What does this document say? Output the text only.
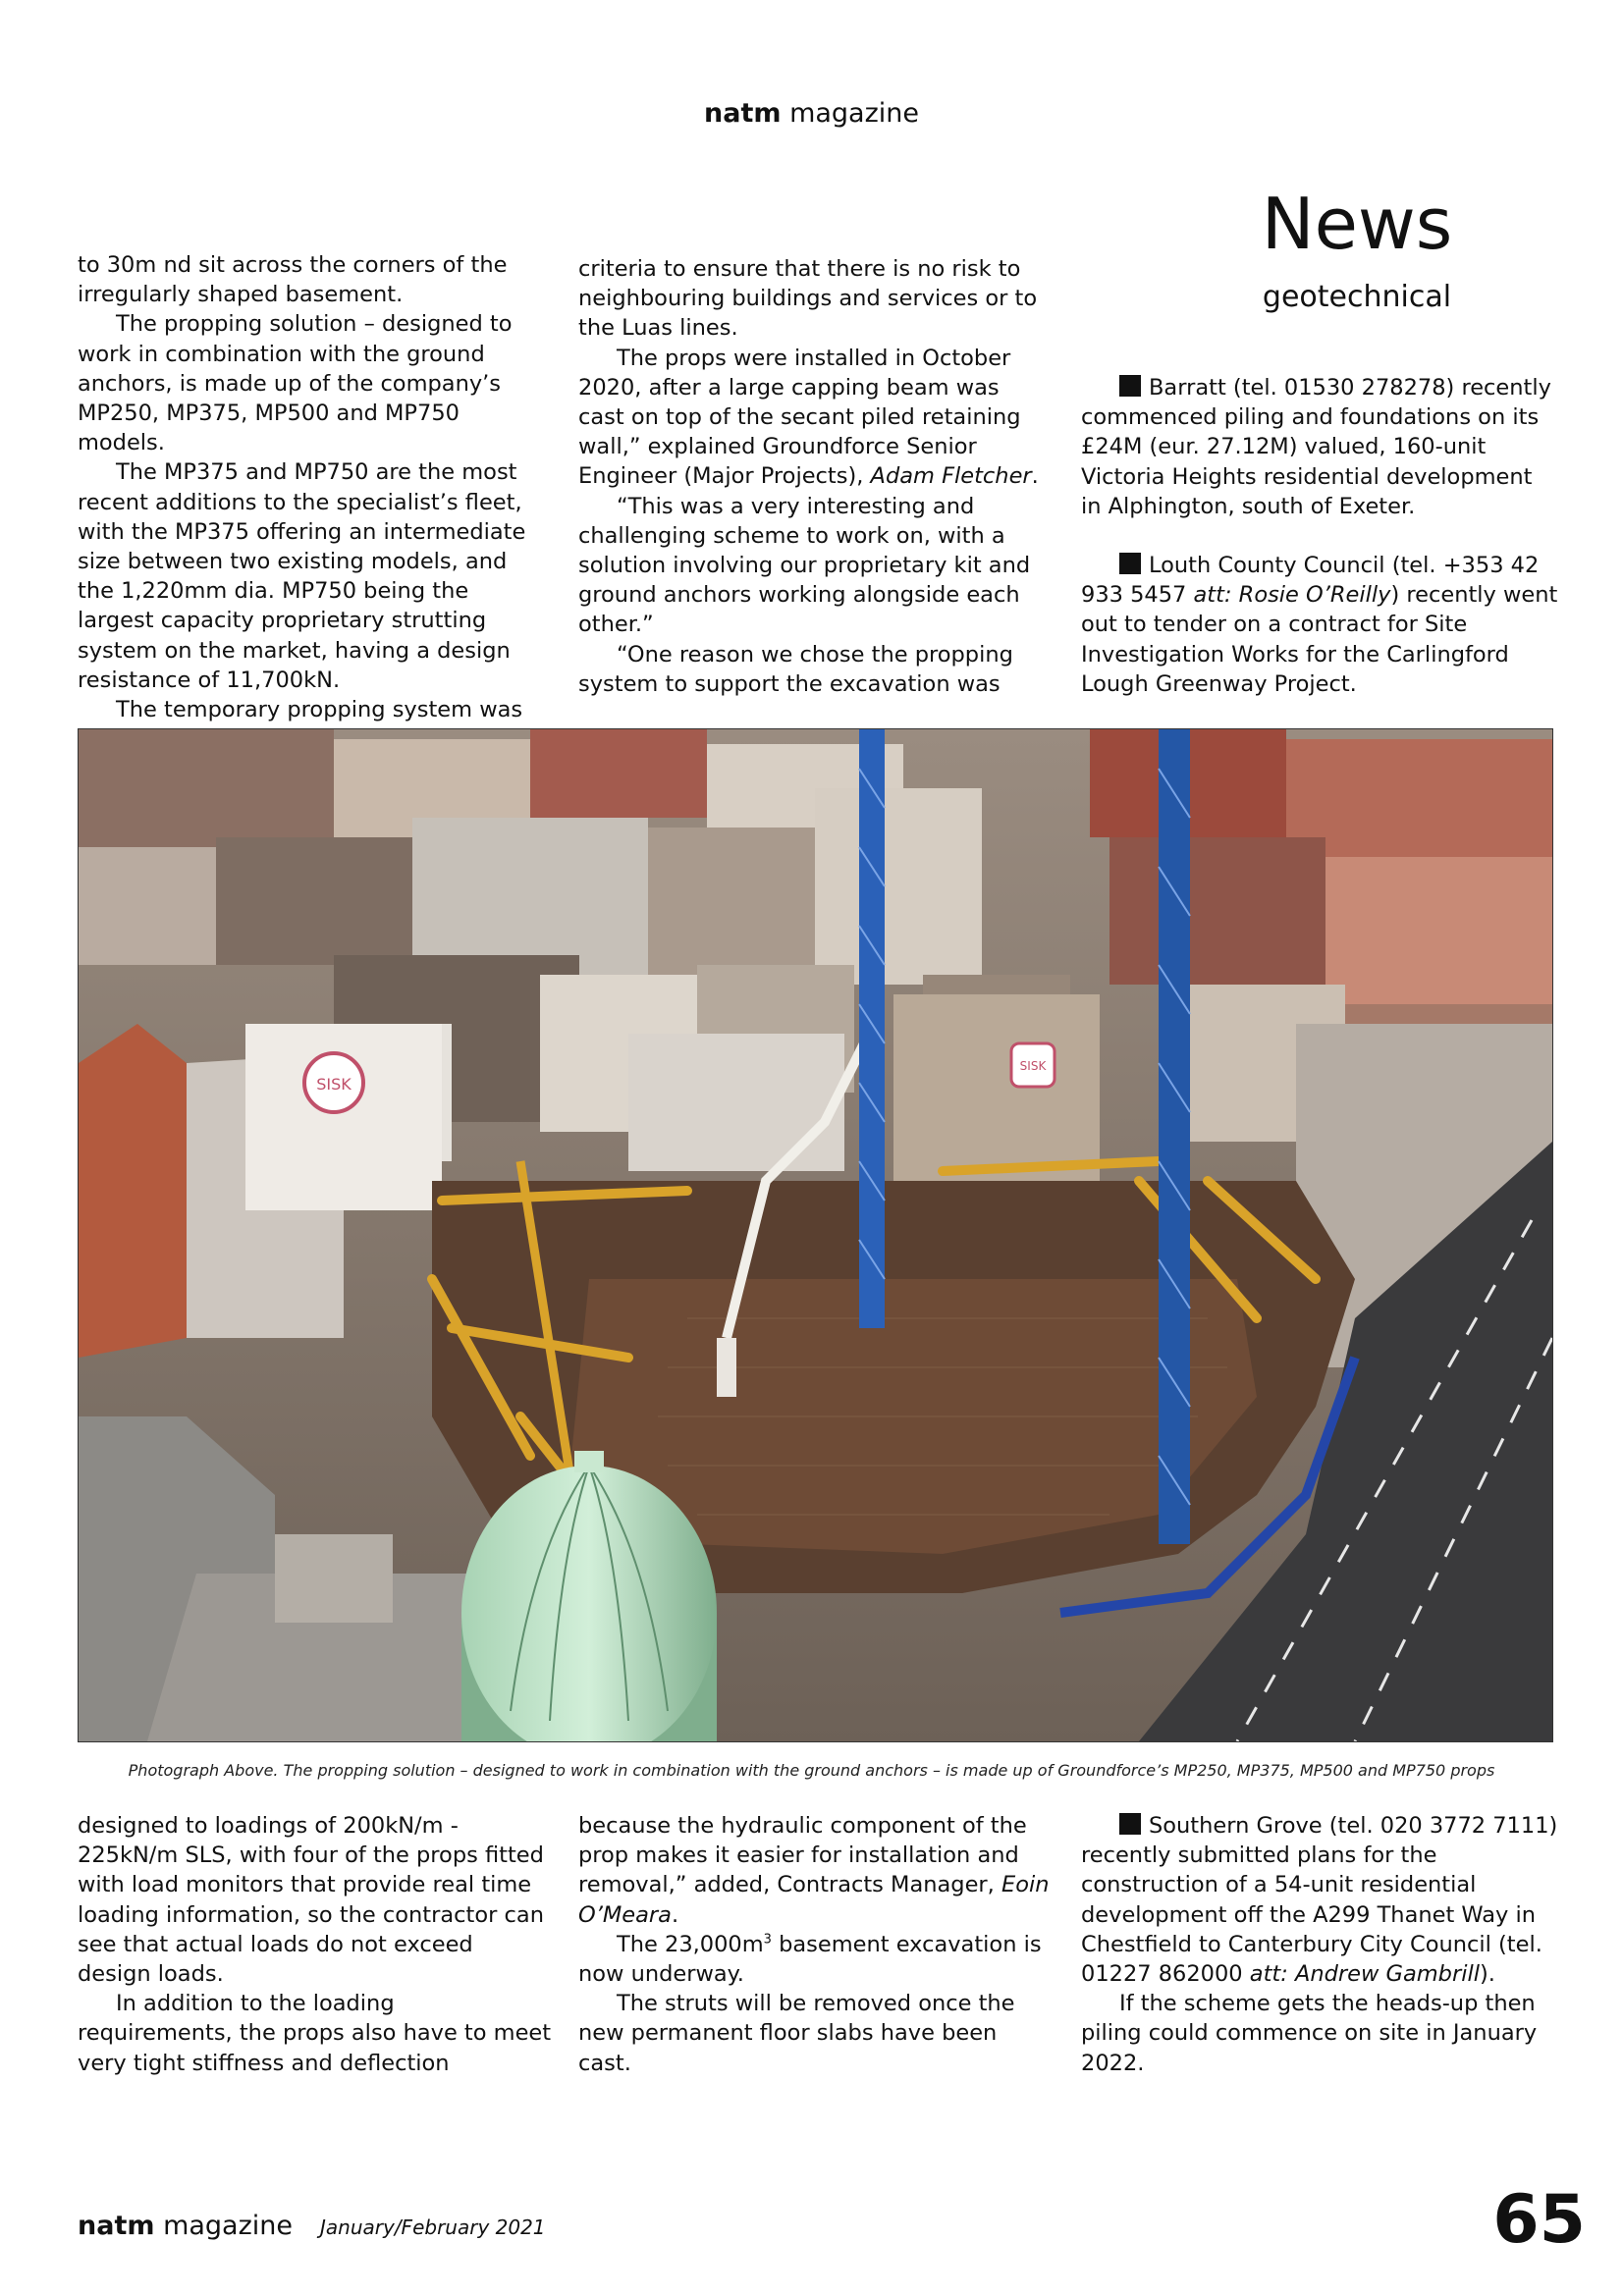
natm magazine

to 30m nd sit across the corners of the irregularly shaped basement.

The propping solution – designed to work in combination with the ground anchors, is made up of the company’s MP250, MP375, MP500 and MP750 models.

The MP375 and MP750 are the most recent additions to the specialist’s fleet, with the MP375 offering an intermediate size between two existing models, and the 1,220mm dia. MP750 being the largest capacity proprietary strutting system on the market, having a design resistance of 11,700kN.

The temporary propping system was

criteria to ensure that there is no risk to neighbouring buildings and services or to the Luas lines.

The props were installed in October 2020, after a large capping beam was cast on top of the secant piled retaining wall,” explained Groundforce Senior Engineer (Major Projects), Adam Fletcher.

“This was a very interesting and challenging scheme to work on, with a solution involving our proprietary kit and ground anchors working alongside each other.”

“One reason we chose the propping system to support the excavation was

News
geotechnical

Barratt (tel. 01530 278278) recently commenced piling and foundations on its £24M (eur. 27.12M) valued, 160-unit Victoria Heights residential development in Alphington, south of Exeter.

Louth County Council (tel. +353 42 933 5457 att: Rosie O’Reilly) recently went out to tender on a contract for Site Investigation Works for the Carlingford Lough Greenway Project.

SISK
SISK
Photograph Above. The propping solution – designed to work in combination with the ground anchors – is made up of Groundforce’s MP250, MP375, MP500 and MP750 props

designed to loadings of 200kN/m - 225kN/m SLS, with four of the props fitted with load monitors that provide real time loading information, so the contractor can see that actual loads do not exceed design loads.

In addition to the loading requirements, the props also have to meet very tight stiffness and deflection

because the hydraulic component of the prop makes it easier for installation and removal,” added, Contracts Manager, Eoin O’Meara.

The $23,000m^3$ basement excavation is now underway.

The struts will be removed once the new permanent floor slabs have been cast.

Southern Grove (tel. 020 3772 7111) recently submitted plans for the construction of a 54-unit residential development off the A299 Thanet Way in Chestfield to Canterbury City Council (tel. 01227 862000 att: Andrew Gambrill).

If the scheme gets the heads-up then piling could commence on site in January 2022.

natm magazine January/February 2021	65
